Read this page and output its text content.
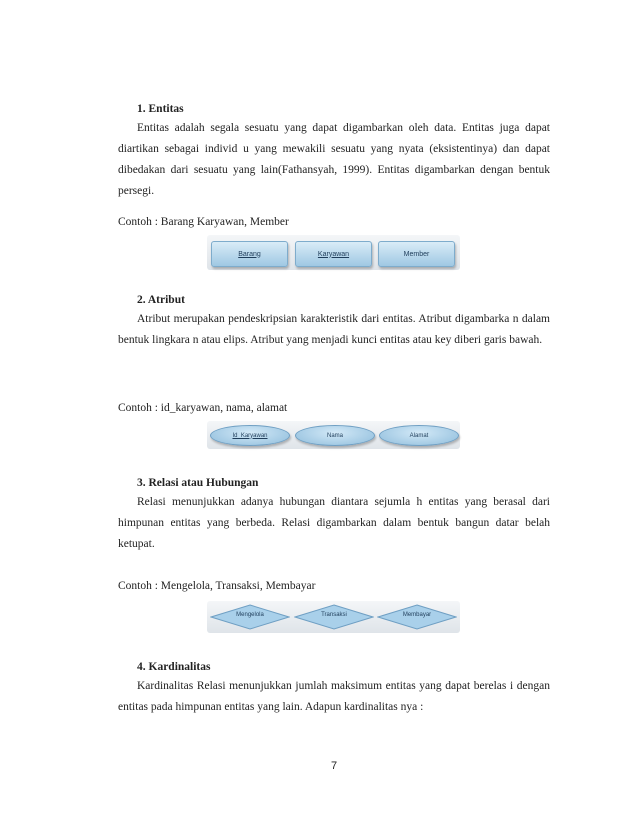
1. Entitas
Entitas adalah segala sesuatu yang dapat digambarkan oleh data. Entitas juga dapat diartikan sebagai individ u yang mewakili sesuatu yang nyata (eksistentinya) dan dapat dibedakan dari sesuatu yang lain(Fathansyah, 1999). Entitas digambarkan dengan bentuk persegi.
Contoh : Barang Karyawan, Member
Barang	Karyawan	Member
2. Atribut
Atribut merupakan pendeskripsian karakteristik dari entitas. Atribut digambarka n dalam bentuk lingkara n atau elips. Atribut yang menjadi kunci entitas atau key diberi garis bawah.
Contoh : id_karyawan, nama, alamat
Id_Karyawan	Nama	Alamat
3. Relasi atau Hubungan
Relasi menunjukkan adanya hubungan diantara sejumla h entitas yang berasal dari himpunan entitas yang berbeda. Relasi digambarkan dalam bentuk bangun datar belah ketupat.
Contoh : Mengelola, Transaksi, Membayar
Mengelola	Transaksi	Membayar
4. Kardinalitas
Kardinalitas Relasi menunjukkan jumlah maksimum entitas yang dapat berelas i dengan entitas pada himpunan entitas yang lain. Adapun kardinalitas nya :
7
